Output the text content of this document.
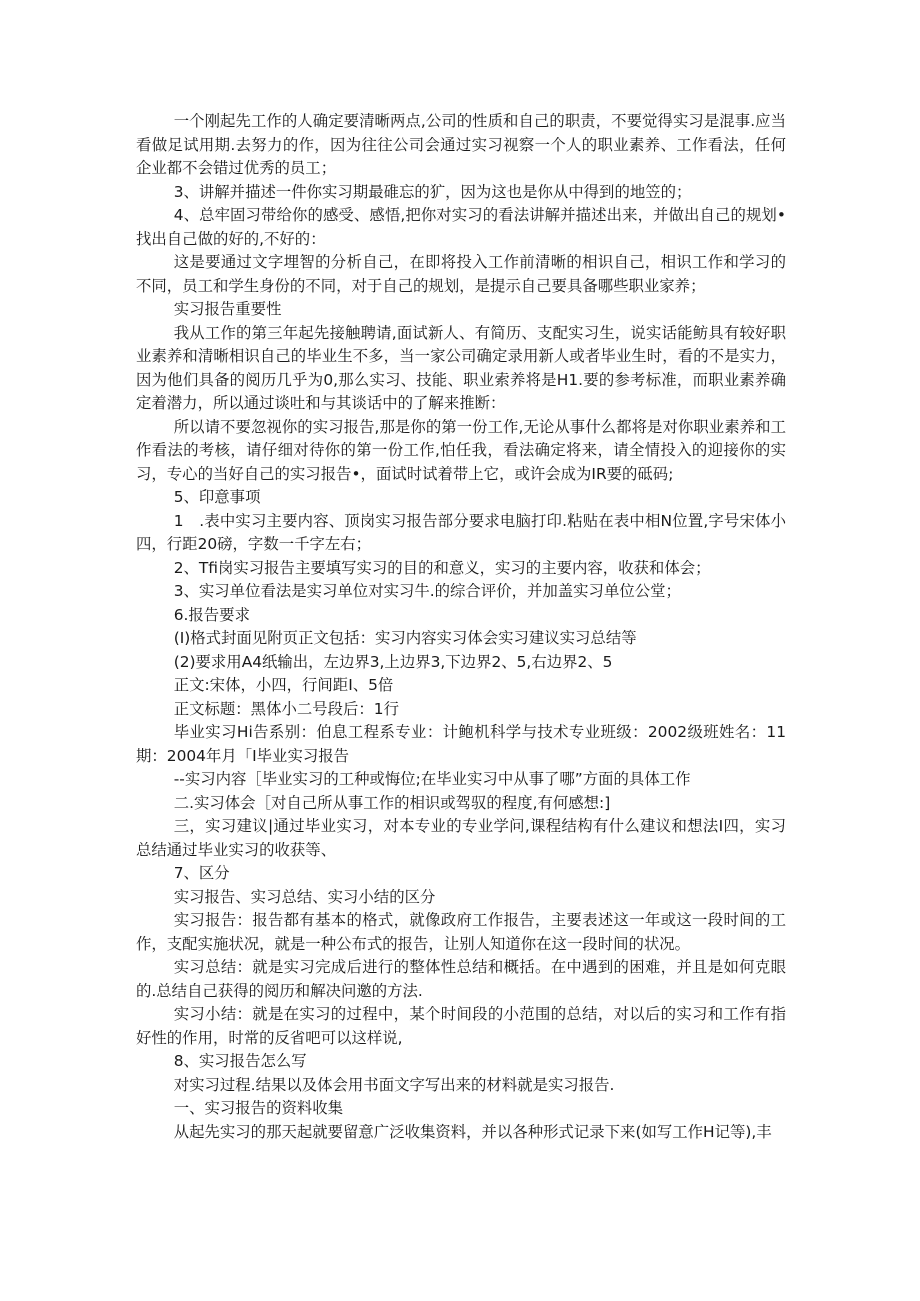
一个刚起先工作的人确定要清晰两点,公司的性质和自己的职责，不要觉得实习是混事.应当看做足试用期.去努力的作，因为往往公司会通过实习视察一个人的职业素养、工作看法，任何企业都不会错过优秀的员工；

3、讲解并描述一件你实习期最碓忘的犷，因为这也是你从中得到的地笠的；

4、总牢固习带给你的感受、感悟,把你对实习的看法讲解并描述出来，并做出自己的规划•找出自己做的好的,不好的：

这是要通过文字埋智的分析自己，在即将投入工作前清晰的相识自己，相识工作和学习的不同，员工和学生身份的不同，对于自己的规划，是提示自己要具备哪些职业家养；

实习报告重要性

我从工作的第三年起先接触聘请,面试新人、有简历、支配实习生，说实话能鲂具有较好职业素养和清晰相识自己的毕业生不多，当一家公司确定录用新人或者毕业生时，看的不是实力，因为他们具备的阅历几乎为0,那么实习、技能、职业索养将是H1.要的参考标准，而职业素养确定着潜力，所以通过谈吐和与其谈话中的了解来推断：

所以请不要忽视你的实习报告,那是你的第一份工作,无论从事什么都将是对你职业素养和工作看法的考核，请仔细对待你的第一份工作,怕任我，看法确定将来，请全情投入的迎接你的实习，专心的当好自己的实习报告•，面试时试着带上它，或许会成为IR要的砥码;

5、印意事项

1　.表中实习主要内容、顶岗实习报告部分要求电脑打印.粘贴在表中相N位置,字号宋体小四，行距20磅，字数一千字左右；

2、Tfi岗实习报告主要填写实习的目的和意义，实习的主要内容，收获和体会；

3、实习单位看法是实习单位对实习牛.的综合评价，并加盖实习单位公堂；

6.报告要求

(I)格式封面见附页正文包括：实习内容实习体会实习建议实习总结等

(2)要求用A4纸输出，左边界3,上边界3,下边界2、5,右边界2、5

正文:宋体，小四，行间距I、5倍

正文标题：黑体小二号段后：1行

毕业实习Hi告系别：伯息工程系专业：计鲍机科学与技术专业班级：2002级班姓名：11期：2004年月「I毕业实习报告

--实习内容［毕业实习的工种或悔位;在毕业实习中从事了哪”方面的具体工作

二.实习体会［对自己所从事工作的相识或驾驭的程度,有何感想:]

三，实习建议|通过毕业实习，对本专业的专业学问,课程结构有什么建议和想法I四，实习总结通过毕业实习的收获等、

7、区分

实习报告、实习总结、实习小结的区分

实习报告：报告都有基本的格式，就像政府工作报告，主要表述这一年或这一段时间的工作，支配实施状况，就是一种公布式的报告，让别人知道你在这一段时间的状况。

实习总结：就是实习完成后进行的整体性总结和概括。在中遇到的困难，并且是如何克眼的.总结自己获得的阅历和解决问邀的方法.

实习小结：就是在实习的过程中，某个时间段的小范围的总结，对以后的实习和工作有指好性的作用，时常的反省吧可以这样说,

8、实习报告怎么写

对实习过程.结果以及体会用书面文字写出来的材料就是实习报告.

一、实习报告的资料收集

从起先实习的那天起就要留意广泛收集资料，并以各种形式记录下来(如写工作H记等),丰
